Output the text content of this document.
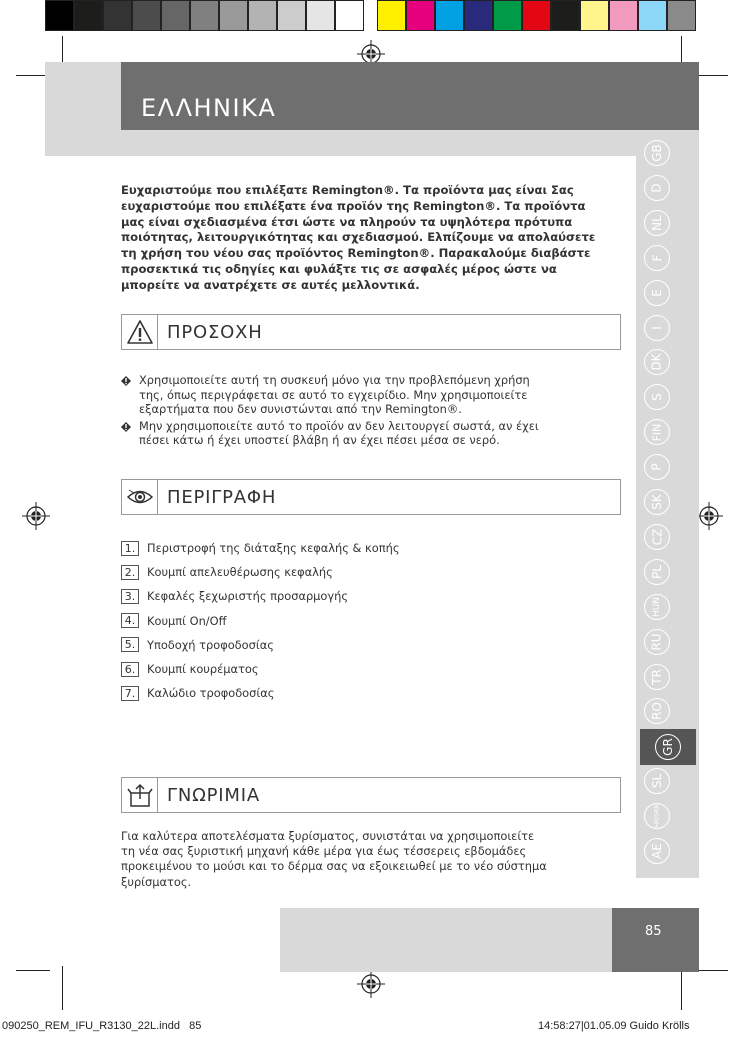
ΕΛΛΗΝΙΚΑ
GB
D
NL
F
E
I
DK
S
FIN
P
SK
CZ
PL
HUN
RU
TR
RO
GR
SL
HR/SRB
AE
Ευχαριστούμε που επιλέξατε Remington®. Τα προϊόντα μας είναι Σας
ευχαριστούμε που επιλέξατε ένα προϊόν της Remington®. Τα προϊόντα
μας είναι σχεδιασμένα έτσι ώστε να πληρούν τα υψηλότερα πρότυπα
ποιότητας, λειτουργικότητας και σχεδιασμού. Ελπίζουμε να απολαύσετε
τη χρήση του νέου σας προϊόντος Remington®. Παρακαλούμε διαβάστε
προσεκτικά τις οδηγίες και φυλάξτε τις σε ασφαλές μέρος ώστε να
μπορείτε να ανατρέχετε σε αυτές μελλοντικά.
ΠΡΟΣΟΧΗ
Χρησιμοποιείτε αυτή τη συσκευή μόνο για την προβλεπόμενη χρήση
της, όπως περιγράφεται σε αυτό το εγχειρίδιο. Μην χρησιμοποιείτε
εξαρτήματα που δεν συνιστώνται από την Remington®.
Μην χρησιμοποιείτε αυτό το προϊόν αν δεν λειτουργεί σωστά, αν έχει
πέσει κάτω ή έχει υποστεί βλάβη ή αν έχει πέσει μέσα σε νερό.
ΠΕΡΙΓΡΑΦΗ
1.	Περιστροφή της διάταξης κεφαλής & κοπής
2.	Κουμπί απελευθέρωσης κεφαλής
3.	Κεφαλές ξεχωριστής προσαρμογής
4.	Κουμπί On/Off
5.	Υποδοχή τροφοδοσίας
6.	Κουμπί κουρέματος
7.	Καλώδιο τροφοδοσίας
ΓΝΩΡΙΜΙΑ
Για καλύτερα αποτελέσματα ξυρίσματος, συνιστάται να χρησιμοποιείτε
τη νέα σας ξυριστική μηχανή κάθε μέρα για έως τέσσερεις εβδομάδες
προκειμένου το μούσι και το δέρμα σας να εξοικειωθεί με το νέο σύστημα
ξυρίσματος.
85
090250_REM_IFU_R3130_22L.indd   85	14:58:27|01.05.09 Guido Krölls
